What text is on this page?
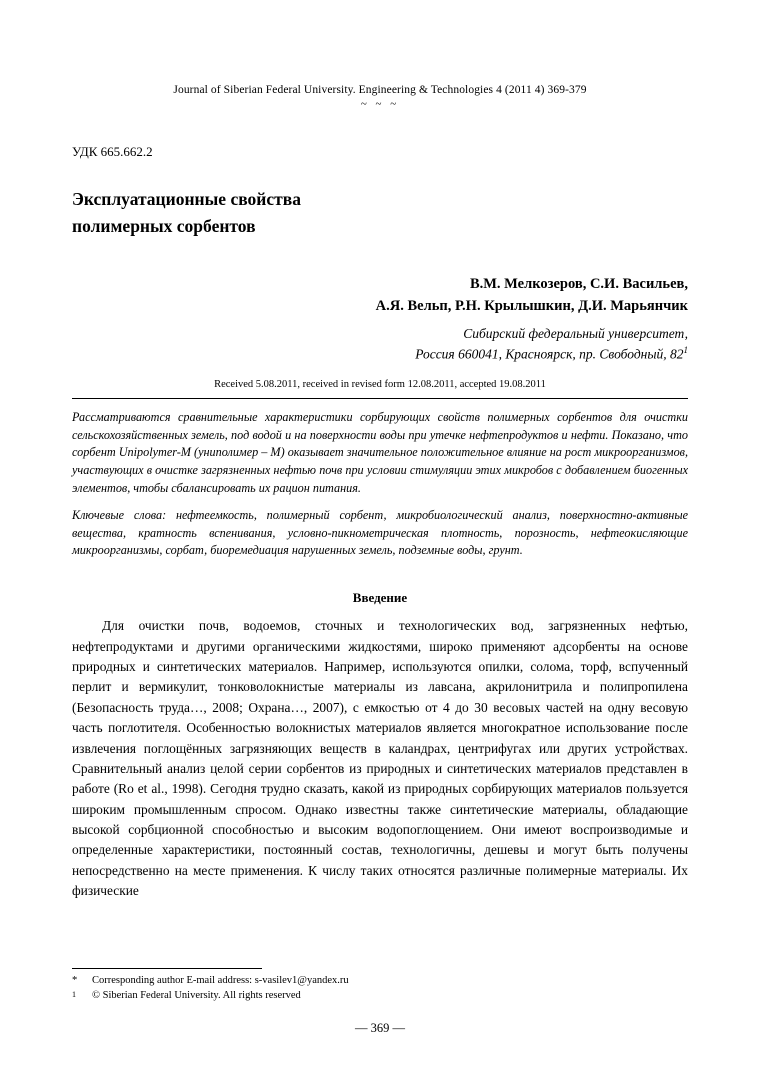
Journal of Siberian Federal University. Engineering & Technologies 4 (2011 4) 369-379
~ ~ ~
УДК 665.662.2
Эксплуатационные свойства
полимерных сорбентов
В.М. Мелкозеров, С.И. Васильев,
А.Я. Вельп, Р.Н. Крылышкин, Д.И. Марьянчик
Сибирский федеральный университет,
Россия 660041, Красноярск, пр. Свободный, $82^1$
Received 5.08.2011, received in revised form 12.08.2011, accepted 19.08.2011

Рассматриваются сравнительные характеристики сорбирующих свойств полимерных сорбентов для очистки сельскохозяйственных земель, под водой и на поверхности воды при утечке нефтепродуктов и нефти. Показано, что сорбент Unipolymer-M (униполимер – М) оказывает значительное положительное влияние на рост микроорганизмов, участвующих в очистке загрязненных нефтью почв при условии стимуляции этих микробов с добавлением биогенных элементов, чтобы сбалансировать их рацион питания.

Ключевые слова: нефтеемкость, полимерный сорбент, микробиологический анализ, поверхностно-активные вещества, кратность вспенивания, условно-пикнометрическая плотность, порозность, нефтеокисляющие микроорганизмы, сорбат, биоремедиация нарушенных земель, подземные воды, грунт.

Введение

Для очистки почв, водоемов, сточных и технологических вод, загрязненных нефтью, нефтепродуктами и другими органическими жидкостями, широко применяют адсорбенты на основе природных и синтетических материалов. Например, используются опилки, солома, торф, вспученный перлит и вермикулит, тонковолокнистые материалы из лавсана, акрилонитрила и полипропилена (Безопасность труда…, 2008; Охрана…, 2007), с емкостью от 4 до 30 весовых частей на одну весовую часть поглотителя. Особенностью волокнистых материалов является многократное использование после извлечения поглощённых загрязняющих веществ в каландрах, центрифугах или других устройствах. Сравнительный анализ целой серии сорбентов из природных и синтетических материалов представлен в работе (Ro et al., 1998). Сегодня трудно сказать, какой из природных сорбирующих материалов пользуется широким промышленным спросом. Однако известны также синтетические материалы, обладающие высокой сорбционной способностью и высоким водопоглощением. Они имеют воспроизводимые и определенные характеристики, постоянный состав, технологичны, дешевы и могут быть получены непосредственно на месте применения. К числу таких относятся различные полимерные материалы. Их физические

*	Corresponding author E-mail address: s-vasilev1@yandex.ru
1	© Siberian Federal University. All rights reserved
— 369 —
